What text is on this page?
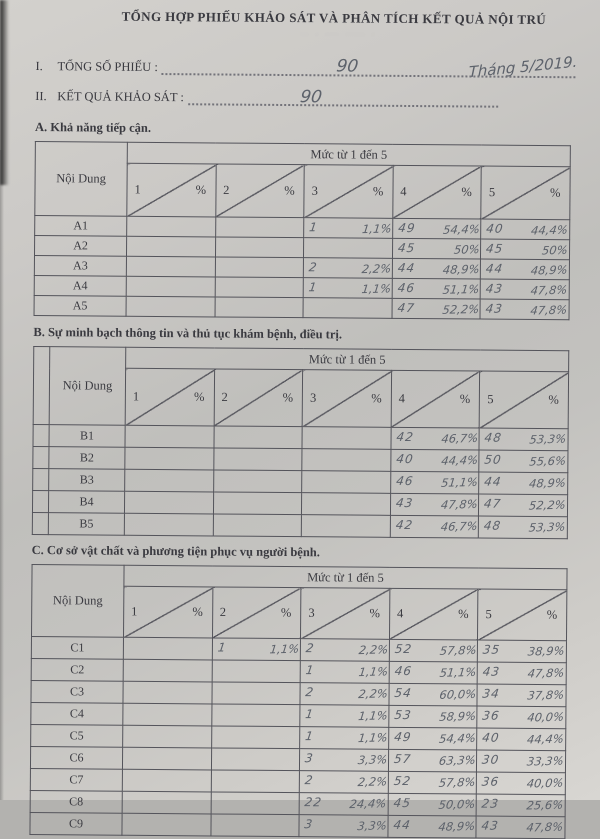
TỔNG HỢP PHIẾU KHẢO SÁT VÀ PHÂN TÍCH KẾT QUẢ NỘI TRÚ
I.	TỔNG SỐ PHIẾU :	90	Tháng 5/2019.
II. KẾT QUẢ KHẢO SÁT :	90
A. Khả năng tiếp cận.
Nội Dung	Mức từ 1 đến 5				

	1 %	2 %	3 %	4 %	5 %

A1			1 1,1%	49 54,4%	40 44,4%

A2				45 50%	45 50%

A3			2 2,2%	44 48,9%	44 48,9%

A4			1 1,1%	46 51,1%	43 47,8%

A5				47 52,2%	43 47,8%
B. Sự minh bạch thông tin và thủ tục khám bệnh, điều trị.
	Nội Dung	Mức từ 1 đến 5				

		1 %	2 %	3 %	4 %	5 %

	B1				42 46,7%	48 53,3%

	B2				40 44,4%	50 55,6%

	B3				46 51,1%	44 48,9%

	B4				43 47,8%	47 52,2%

	B5				42 46,7%	48 53,3%
C. Cơ sở vật chất và phương tiện phục vụ người bệnh.
Nội Dung	Mức từ 1 đến 5				

	1 %	2 %	3 %	4 %	5 %

C1		1 1,1%	2 2,2%	52 57,8%	35 38,9%

C2			1 1,1%	46 51,1%	43 47,8%

C3			2 2,2%	54 60,0%	34 37,8%

C4			1 1,1%	53 58,9%	36 40,0%

C5			1 1,1%	49 54,4%	40 44,4%

C6			3 3,3%	57 63,3%	30 33,3%

C7			2 2,2%	52 57,8%	36 40,0%

C8			22 24,4%	45 50,0%	23 25,6%

C9			3 3,3%	44 48,9%	43 47,8%
